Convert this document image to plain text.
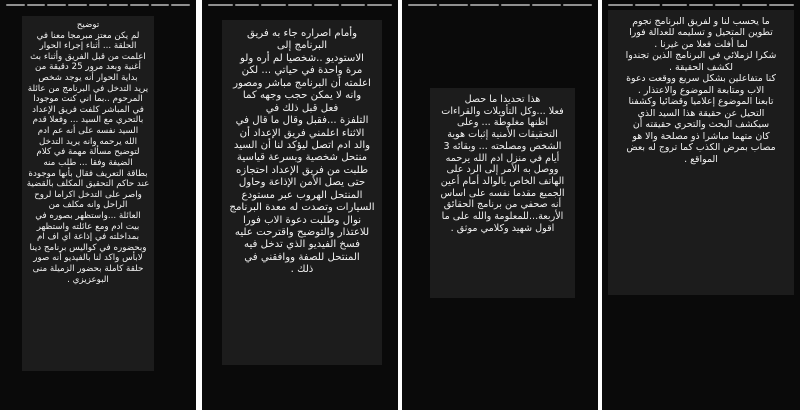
توضيح
لم يكن معتز مبرمجا معنا في
الحلقة ... أثناء إجراء الحوار
اعلمت من قبل الفريق وأثناء بث
أغنية وبعد مرور 25 دقيقة من
بداية الحوار أنه يوجد شخص
يريد التدخل في البرنامج من عائلة
المرحوم ..بما اني كنت موجودا
في المباشر كلفت فريق الإعداد
بالتحري مع السيد ... وفعلا قدم
السيد نفسه على أنه عم ادم
الله يرحمه وانه يريد التدخل
لتوضيح مسألة مهمة في كلام
الضيفة وفقا ... طلب منه
بطاقة التعريف فقال بأنها موجودة
عند حاكم التحقيق المكلف بالقضية
واصر على التدخل اكراما لروح
الراحل وانه مكلف من
العائلة ...واستظهر بصوره في
بيت ادم ومع عائلته واستظهر
بمداخلته في إذاعة اي اف ام
وبحضوره في كواليس برنامج دينا
لابأس واكد لنا بالفيديو أنه صور
حلقة كاملة بحضور الزميلة منى
البوعزيزي .
وأمام اصراره جاء به فريق
البرنامج إلى
الاستوديو ..شخصيا لم أره ولو
مرة واحدة في حياتي ... لكن
اعلمته أن البرنامج مباشر ومصور
وانه لا يمكن حجب وجهه كما
فعل قبل ذلك في
التلفزة ...فقبل وقال ما قال في
الاثناء اعلمني فريق الإعداد أن
والد ادم اتصل ليؤكد لنا أن السيد
منتحل شخصية وبسرعة قياسية
طلبت من فريق الإعداد احتجازه
حتى يصل الأمن الإذاعة وحاول
المنتحل الهروب عبر مستودع
السيارات وتصدت له معدة البرنامج
نوال وطلبت دعوة الاب فورا
للاعتذار والتوضيح واقترحت عليه
فسخ الفيديو الذي تدخل فيه
المنتحل للصفة ووافقني في
ذلك .
هذا تحديدا ما حصل
فعلا ...وكل التأويلات والقراءات
اظنها مغلوطة ... وعلى
التحقيقات الأمنية إثبات هوية
الشخص ومصلحته ... وبقائه 3
أيام في منزل ادم الله يرحمه
ووصل به الأمر إلى الرد على
الهاتف الخاص بالوالد أمام أعين
الجميع مقدما نفسه على اساس
أنه صحفي من برنامج الحقائق
الأربعة...للمعلومة والله على ما
اقول شهيد وكلامي موثق .
ما يحسب لنا و لفريق البرنامج نجوم
تطوين المتحيل و تسليمه للعدالة فورا
لما أفلت فعلا من غيرنا .
شكرا لزملائي في البرنامج الذين تجندوا
لكشف الحقيقة .
كنا متفاعلين بشكل سريع ووقعت دعوة
الاب ومتابعة الموضوع والاعتذار .
تابعنا الموضوع إعلاميا وقضائيا وكشفنا
التحيل عن حقيقة هذا السيد الذي
سيكشف البحث والتحري حقيقته أن
كان متهما مباشرا ذو مصلحة والا هو
مصاب بمرض الكذب كما تروج له بعض
المواقع .
